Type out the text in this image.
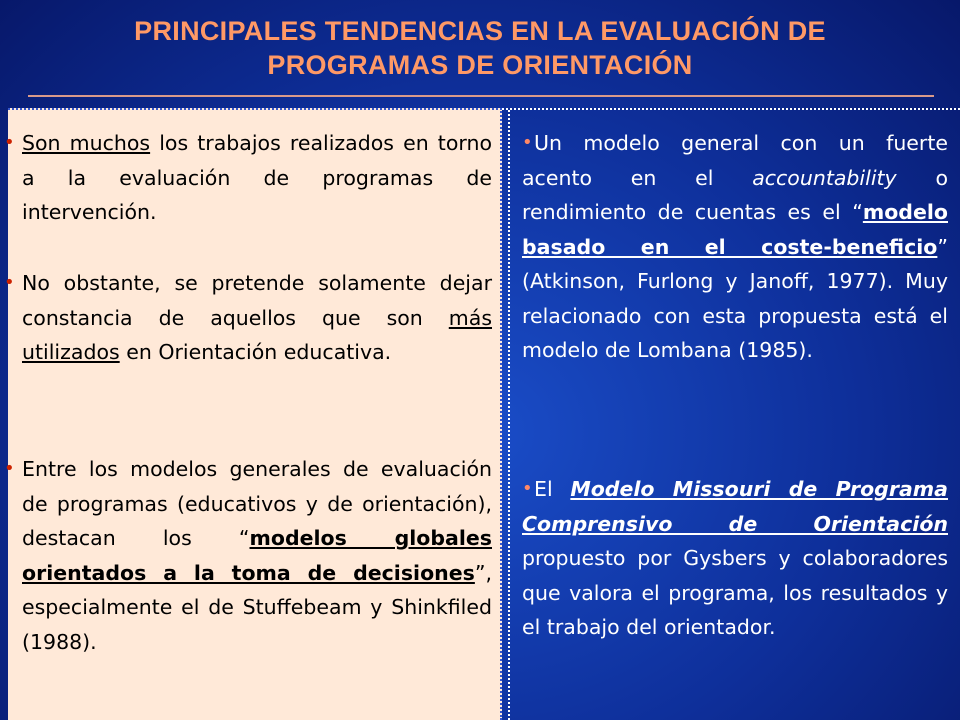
PRINCIPALES TENDENCIAS EN LA EVALUACIÓN DE
PROGRAMAS DE ORIENTACIÓN
• Son muchos los trabajos realizados en torno a la evaluación de programas de intervención.
• No obstante, se pretende solamente dejar constancia de aquellos que son más utilizados en Orientación educativa.
• Entre los modelos generales de evaluación de programas (educativos y de orientación), destacan los “modelos globales orientados a la toma de decisiones”, especialmente el de Stuffebeam y Shinkfiled (1988).
• Un modelo general con un fuerte acento en el accountability o rendimiento de cuentas es el “modelo basado en el coste-beneficio” (Atkinson, Furlong y Janoff, 1977). Muy relacionado con esta propuesta está el modelo de Lombana (1985).
• El Modelo Missouri de Programa Comprensivo de Orientación propuesto por Gysbers y colaboradores que valora el programa, los resultados y el trabajo del orientador.
